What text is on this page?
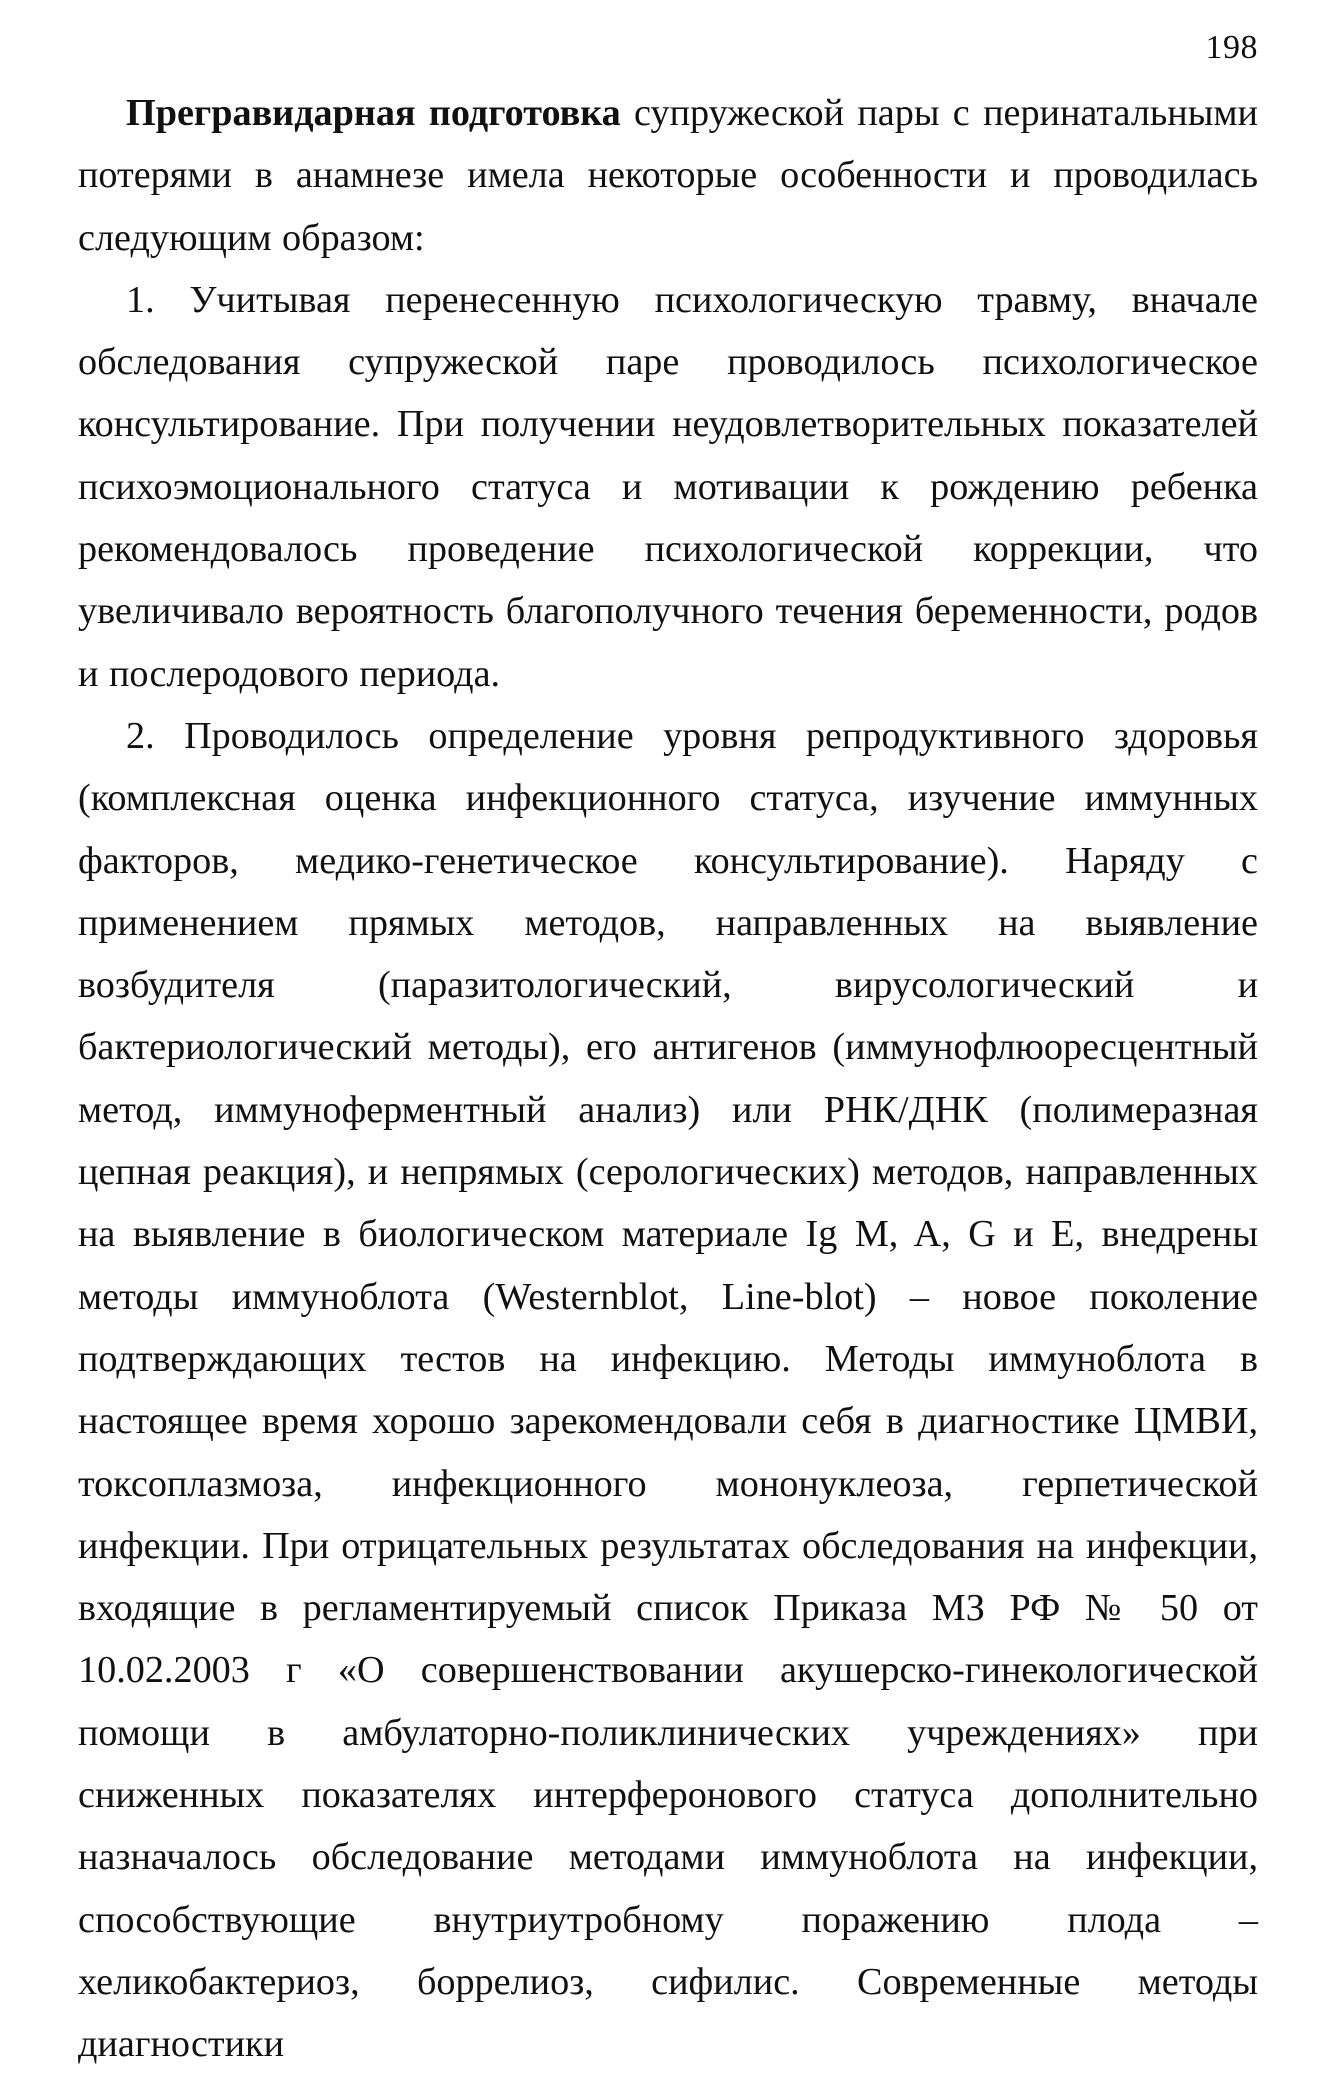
198

Прегравидарная подготовка супружеской пары с перинатальными потерями в анамнезе имела некоторые особенности и проводилась следующим образом:

1. Учитывая перенесенную психологическую травму, вначале обследования супружеской паре проводилось психологическое консультирование. При получении неудовлетворительных показателей психоэмоционального статуса и мотивации к рождению ребенка рекомендовалось проведение психологической коррекции, что увеличивало вероятность благополучного течения беременности, родов и послеродового периода.

2. Проводилось определение уровня репродуктивного здоровья (комплексная оценка инфекционного статуса, изучение иммунных факторов, медико-генетическое консультирование). Наряду с применением прямых методов, направленных на выявление возбудителя (паразитологический, вирусологический и бактериологический методы), его антигенов (иммунофлюоресцентный метод, иммуноферментный анализ) или РНК/ДНК (полимеразная цепная реакция), и непрямых (серологических) методов, направленных на выявление в биологическом материале Ig M, A, G и E, внедрены методы иммуноблота (Westernblot, Line-blot) – новое поколение подтверждающих тестов на инфекцию. Методы иммуноблота в настоящее время хорошо зарекомендовали себя в диагностике ЦМВИ, токсоплазмоза, инфекционного мононуклеоза, герпетической инфекции. При отрицательных результатах обследования на инфекции, входящие в регламентируемый список Приказа МЗ РФ № 50 от 10.02.2003 г «О совершенствовании акушерско-гинекологической помощи в амбулаторно-поликлинических учреждениях» при сниженных показателях интерферонового статуса дополнительно назначалось обследование методами иммуноблота на инфекции, способствующие внутриутробному поражению плода – хеликобактериоз, боррелиоз, сифилис. Современные методы диагностики
